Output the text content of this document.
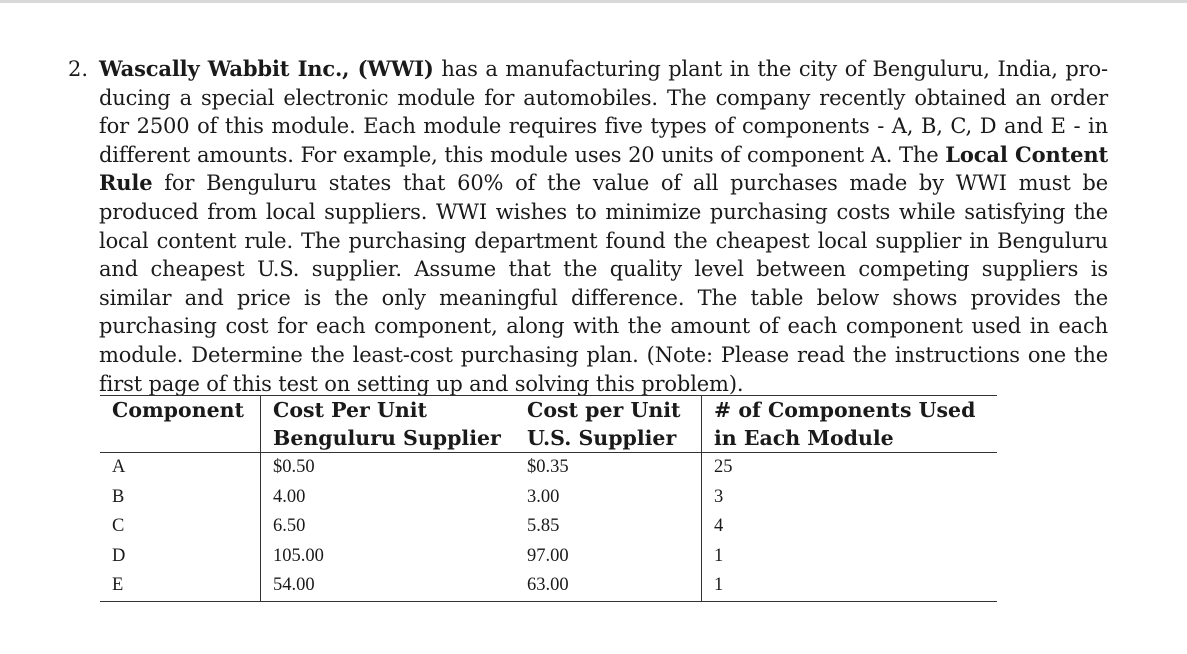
2. Wascally Wabbit Inc., (WWI) has a manufacturing plant in the city of Benguluru, India, pro-ducing a special electronic module for automobiles. The company recently obtained an order for 2500 of this module. Each module requires five types of components - A, B, C, D and E - in different amounts. For example, this module uses 20 units of component A. The Local Content Rule for Benguluru states that 60% of the value of all purchases made by WWI must be produced from local suppliers. WWI wishes to minimize purchasing costs while satisfying the local content rule. The purchasing department found the cheapest local supplier in Benguluru and cheapest U.S. supplier. Assume that the quality level between competing suppliers is similar and price is the only meaningful difference. The table below shows provides the purchasing cost for each component, along with the amount of each component used in each module. Determine the least-cost purchasing plan. (Note: Please read the instructions one the first page of this test on setting up and solving this problem).
Component	Cost Per Unit	Cost per Unit	# of Components Used
	Benguluru Supplier	U.S. Supplier	in Each Module
A	$0.50	$0.35	25
B	4.00	3.00	3
C	6.50	5.85	4
D	105.00	97.00	1
E	54.00	63.00	1
